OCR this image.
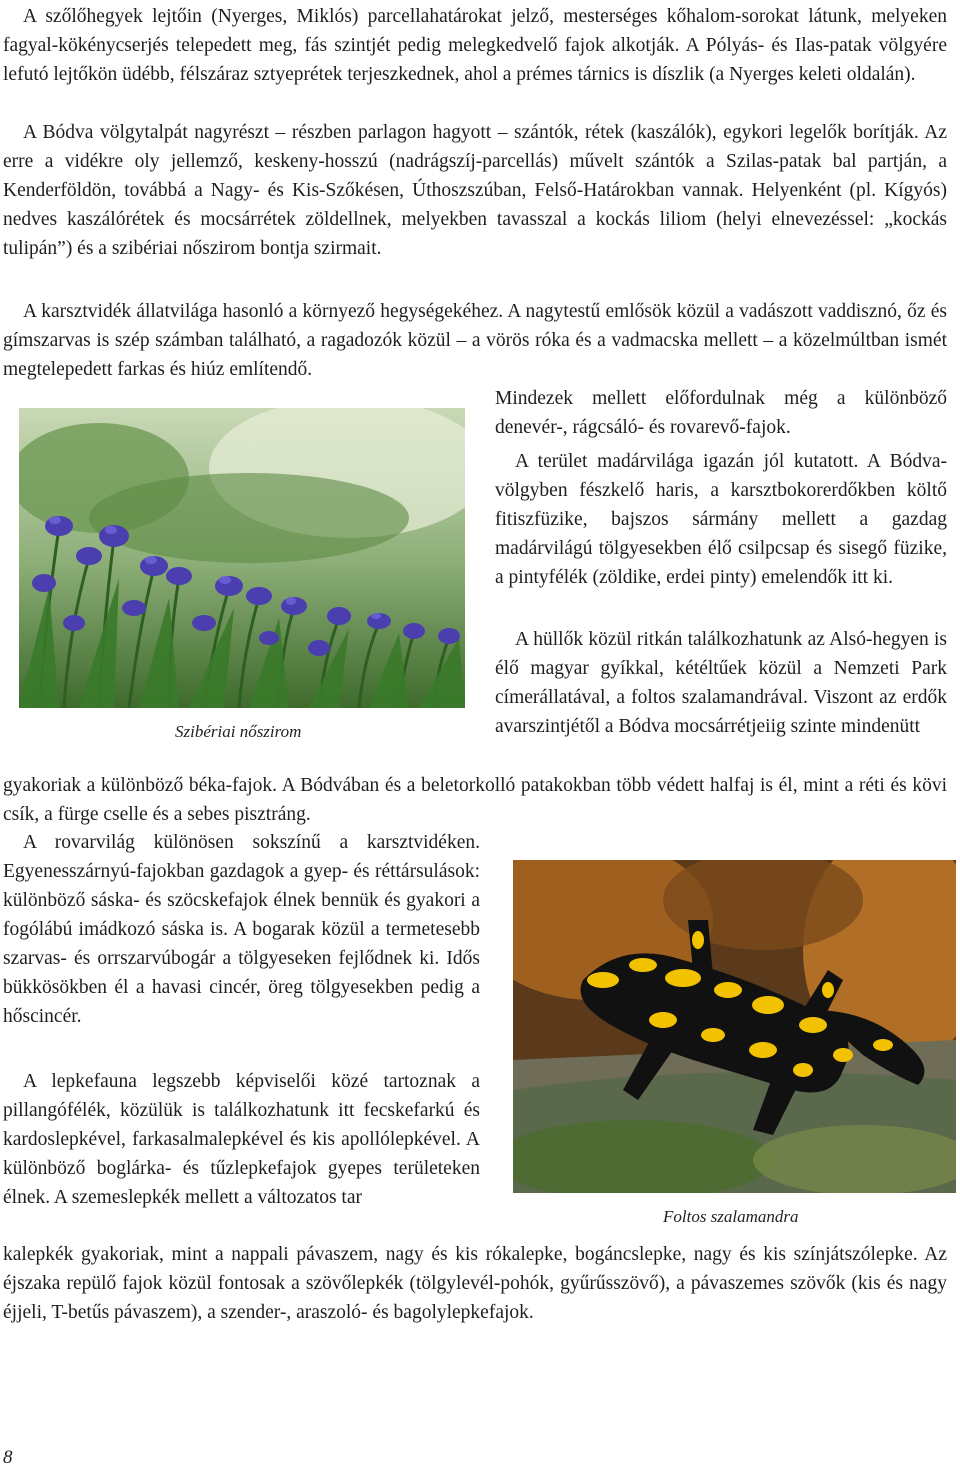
A szőlőhegyek lejtőin (Nyerges, Miklós) parcellahatárokat jelző, mesterséges kőhalom-sorokat látunk, melyeken fagyal-kökénycserjés telepedett meg, fás szintjét pedig melegkedvelő fajok alkotják. A Pólyás- és Ilas-patak völgyére lefutó lejtőkön üdébb, félszáraz sztyeprétek terjeszkednek, ahol a prémes tárnics is díszlik (a Nyerges keleti oldalán).

A Bódva völgytalpát nagyrészt – részben parlagon hagyott – szántók, rétek (kaszálók), egykori legelők borítják. Az erre a vidékre oly jellemző, keskeny-hosszú (nadrágszíj-parcellás) művelt szántók a Szilas-patak bal partján, a Kenderföldön, továbbá a Nagy- és Kis-Szőkésen, Úthoszszúban, Felső-Határokban vannak. Helyenként (pl. Kígyós) nedves kaszálórétek és mocsárrétek zöldellnek, melyekben tavasszal a kockás liliom (helyi elnevezéssel: „kockás tulipán”) és a szibériai nőszirom bontja szirmait.

A karsztvidék állatvilága hasonló a környező hegységekéhez. A nagytestű emlősök közül a vadászott vaddisznó, őz és gímszarvas is szép számban található, a ragadozók közül – a vörös róka és a vadmacska mellett – a közelmúltban ismét megtelepedett farkas és hiúz említendő.

Mindezek mellett előfordulnak még a különböző denevér-, rágcsáló- és rovarevő-fajok.

A terület madárvilága igazán jól kutatott. A Bódva-völgyben fészkelő haris, a karsztbokorerdőkben költő fitiszfüzike, bajszos sármány mellett a gazdag madárvilágú tölgyesekben élő csilpcsap és sisegő füzike, a pintyfélék (zöldike, erdei pinty) emelendők itt ki.

A hüllők közül ritkán találkozhatunk az Alsó-hegyen is élő magyar gyíkkal, kétéltűek közül a Nemzeti Park címerállatával, a foltos szalamandrával. Viszont az erdők avarszintjétől a Bódva mocsárrétjeiig szinte mindenütt

gyakoriak a különböző béka-fajok. A Bódvában és a beletorkolló patakokban több védett halfaj is él, mint a réti és kövi csík, a fürge cselle és a sebes pisztráng.

A rovarvilág különösen sokszínű a karsztvidéken. Egyenesszárnyú-fajokban gazdagok a gyep- és réttársulások: különböző sáska- és szöcskefajok élnek bennük és gyakori a fogólábú imádkozó sáska is. A bogarak közül a termetesebb szarvas- és orrszarvúbogár a tölgyeseken fejlődnek ki. Idős bükkösökben él a havasi cincér, öreg tölgyesekben pedig a hőscincér.

A lepkefauna legszebb képviselői közé tartoznak a pillangófélék, közülük is találkozhatunk itt fecskefarkú és kardoslepkével, farkasalmalepkével és kis apollólepkével. A különböző boglárka- és tűzlepkefajok gyepes területeken élnek. A szemeslepkék mellett a változatos tar

kalepkék gyakoriak, mint a nappali pávaszem, nagy és kis rókalepke, bogáncslepke, nagy és kis színjátszólepke. Az éjszaka repülő fajok közül fontosak a szövőlepkék (tölgylevél-pohók, gyűrűsszövő), a pávaszemes szövők (kis és nagy éjjeli, T-betűs pávaszem), a szender-, araszoló- és bagolylepkefajok.

Szibériai nőszirom

Foltos szalamandra

8
